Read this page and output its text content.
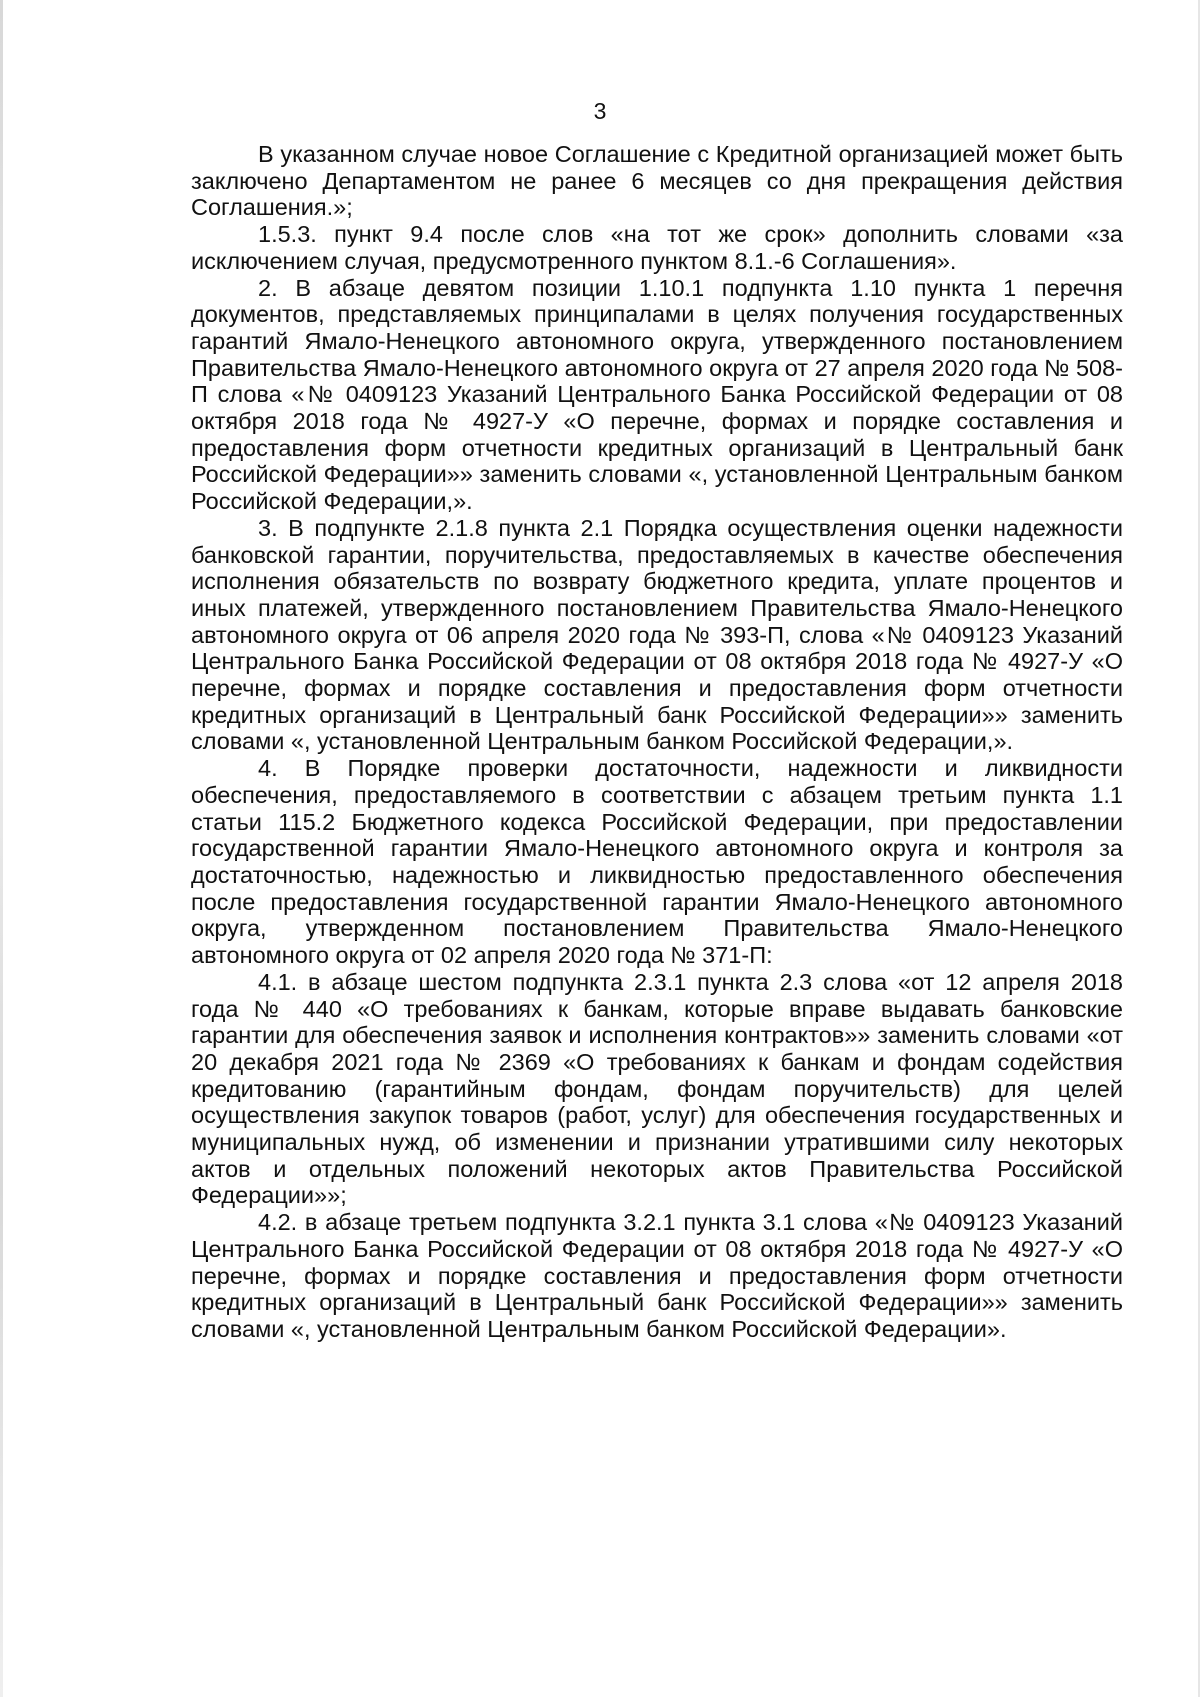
3

В указанном случае новое Соглашение с Кредитной организацией может быть заключено Департаментом не ранее 6 месяцев со дня прекращения действия Соглашения.»;

1.5.3. пункт 9.4 после слов «на тот же срок» дополнить словами «за исключением случая, предусмотренного пунктом 8.1.-6 Соглашения».

2. В абзаце девятом позиции 1.10.1 подпункта 1.10 пункта 1 перечня документов, представляемых принципалами в целях получения государственных гарантий Ямало-Ненецкого автономного округа, утвержденного постановлением Правительства Ямало-Ненецкого автономного округа от 27 апреля 2020 года № 508-П слова «№ 0409123 Указаний Центрального Банка Российской Федерации от 08 октября 2018 года № 4927-У «О перечне, формах и порядке составления и предоставления форм отчетности кредитных организаций в Центральный банк Российской Федерации»» заменить словами «, установленной Центральным банком Российской Федерации,».

3. В подпункте 2.1.8 пункта 2.1 Порядка осуществления оценки надежности банковской гарантии, поручительства, предоставляемых в качестве обеспечения исполнения обязательств по возврату бюджетного кредита, уплате процентов и иных платежей, утвержденного постановлением Правительства Ямало-Ненецкого автономного округа от 06 апреля 2020 года № 393-П, слова «№ 0409123 Указаний Центрального Банка Российской Федерации от 08 октября 2018 года № 4927-У «О перечне, формах и порядке составления и предоставления форм отчетности кредитных организаций в Центральный банк Российской Федерации»» заменить словами «, установленной Центральным банком Российской Федерации,».

4. В Порядке проверки достаточности, надежности и ликвидности обеспечения, предоставляемого в соответствии с абзацем третьим пункта 1.1 статьи 115.2 Бюджетного кодекса Российской Федерации, при предоставлении государственной гарантии Ямало-Ненецкого автономного округа и контроля за достаточностью, надежностью и ликвидностью предоставленного обеспечения после предоставления государственной гарантии Ямало-Ненецкого автономного округа, утвержденном постановлением Правительства Ямало-Ненецкого автономного округа от 02 апреля 2020 года № 371-П:

4.1. в абзаце шестом подпункта 2.3.1 пункта 2.3 слова «от 12 апреля 2018 года № 440 «О требованиях к банкам, которые вправе выдавать банковские гарантии для обеспечения заявок и исполнения контрактов»» заменить словами «от 20 декабря 2021 года № 2369 «О требованиях к банкам и фондам содействия кредитованию (гарантийным фондам, фондам поручительств) для целей осуществления закупок товаров (работ, услуг) для обеспечения государственных и муниципальных нужд, об изменении и признании утратившими силу некоторых актов и отдельных положений некоторых актов Правительства Российской Федерации»»;

4.2. в абзаце третьем подпункта 3.2.1 пункта 3.1 слова «№ 0409123 Указаний Центрального Банка Российской Федерации от 08 октября 2018 года № 4927-У «О перечне, формах и порядке составления и предоставления форм отчетности кредитных организаций в Центральный банк Российской Федерации»» заменить словами «, установленной Центральным банком Российской Федерации».
